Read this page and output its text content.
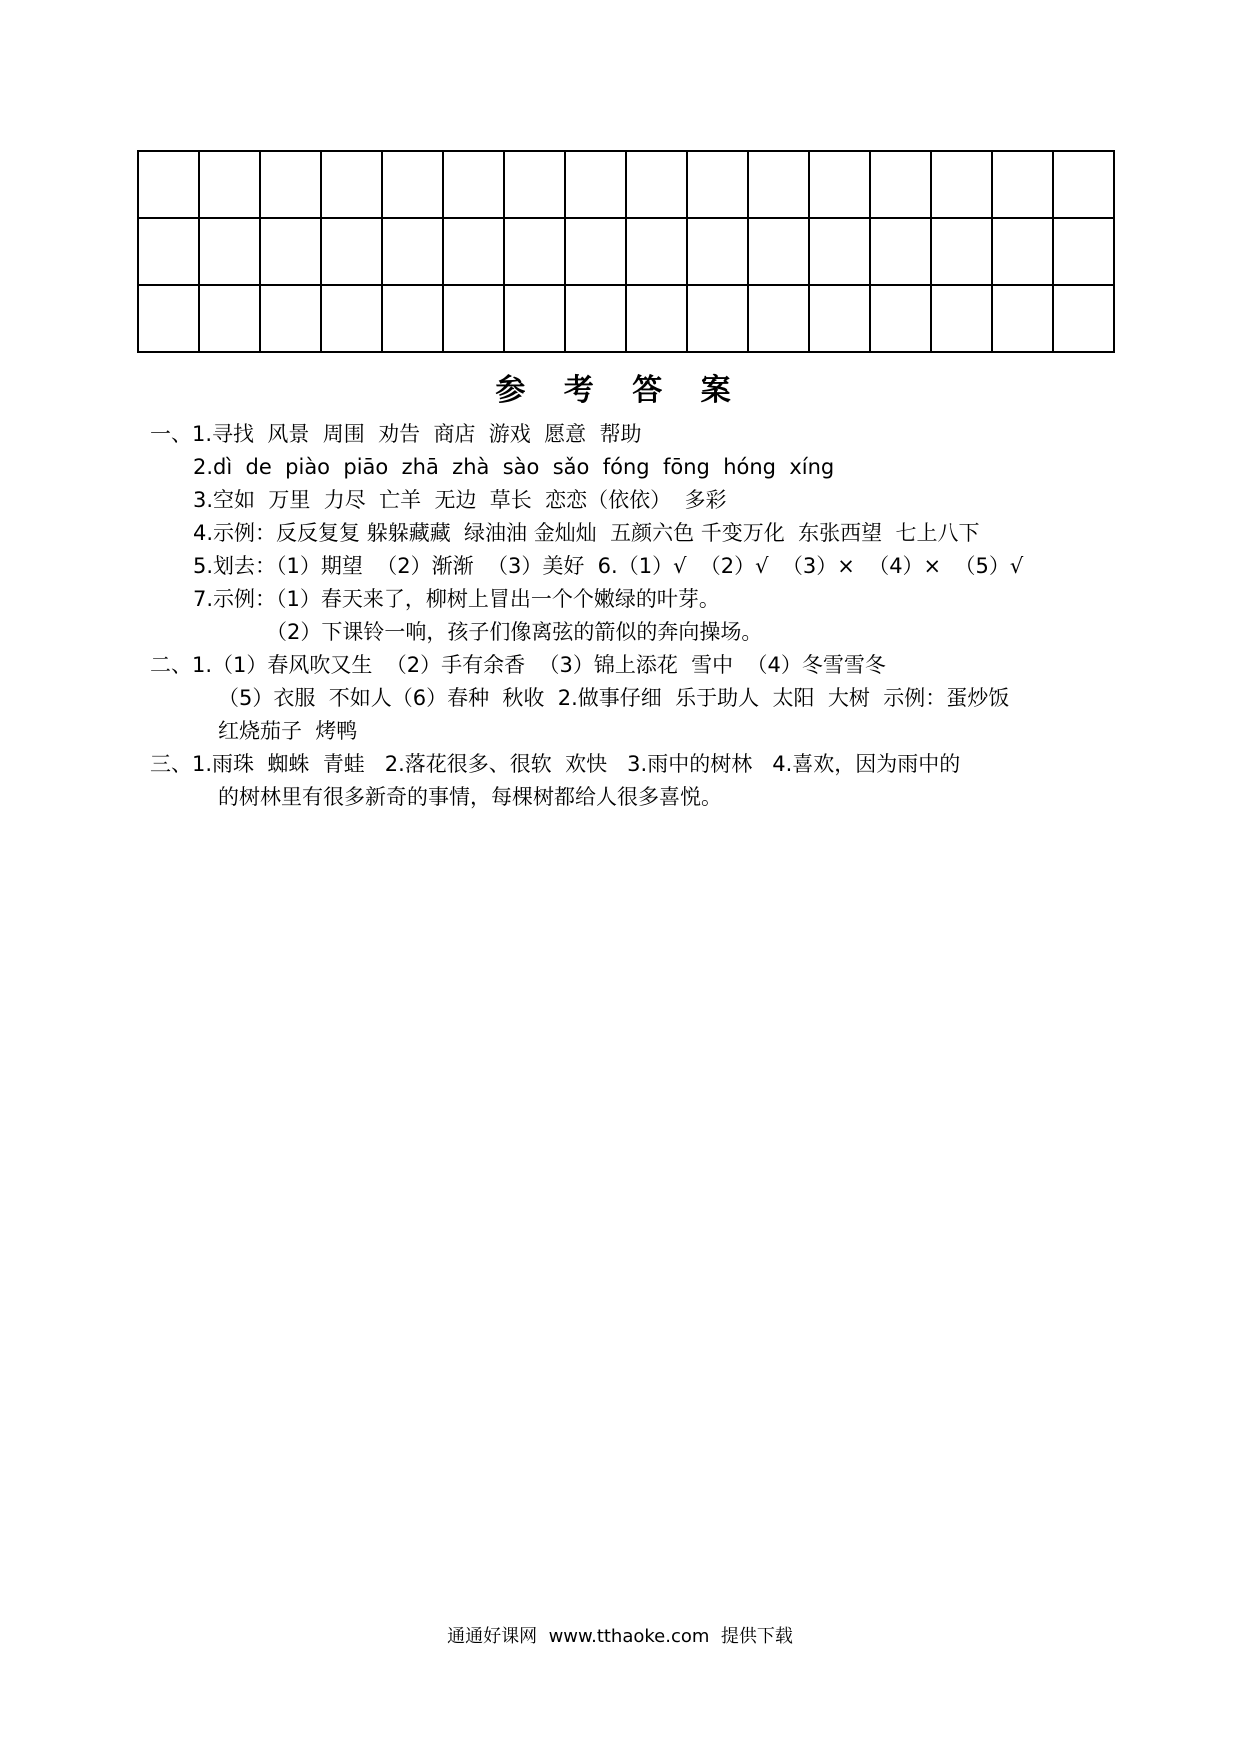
参 考 答 案
一、1.寻找  风景  周围  劝告  商店  游戏  愿意  帮助
2.dì  de  piào  piāo  zhā  zhà  sào  sǎo  fóng  fōng  hóng  xíng
3.空如  万里  力尽  亡羊  无边  草长  恋恋（依依）  多彩
4.示例：反反复复 躲躲藏藏  绿油油 金灿灿  五颜六色 千变万化  东张西望  七上八下
5.划去：（1）期望  （2）渐渐  （3）美好  6.（1）√  （2）√  （3）×  （4）×  （5）√
7.示例：（1）春天来了，柳树上冒出一个个嫩绿的叶芽。
（2）下课铃一响，孩子们像离弦的箭似的奔向操场。
二、1.（1）春风吹又生  （2）手有余香  （3）锦上添花  雪中  （4）冬雪雪冬
（5）衣服  不如人（6）春种  秋收  2.做事仔细  乐于助人  太阳  大树  示例：蛋炒饭
红烧茄子  烤鸭
三、1.雨珠  蜘蛛  青蛙   2.落花很多、很软  欢快   3.雨中的树林   4.喜欢，因为雨中的
的树林里有很多新奇的事情，每棵树都给人很多喜悦。
通通好课网  www.tthaoke.com  提供下载
